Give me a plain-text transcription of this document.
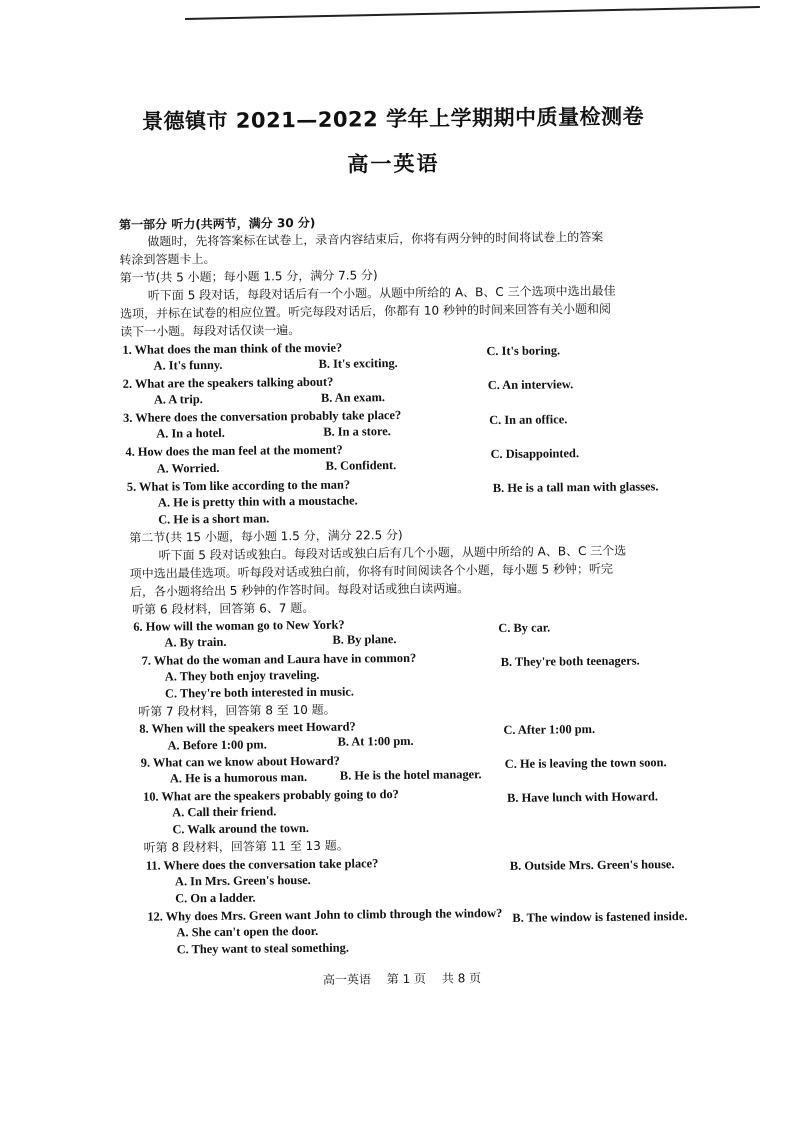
景德镇市 2021—2022 学年上学期期中质量检测卷
高一英语
第一部分 听力(共两节，满分 30 分)
做题时，先将答案标在试卷上，录音内容结束后，你将有两分钟的时间将试卷上的答案
转涂到答题卡上。
第一节(共 5 小题；每小题 1.5 分，满分 7.5 分)
听下面 5 段对话，每段对话后有一个小题。从题中所给的 A、B、C 三个选项中选出最佳
选项，并标在试卷的相应位置。听完每段对话后，你都有 10 秒钟的时间来回答有关小题和阅
读下一小题。每段对话仅读一遍。
1. What does the man think of the movie?
A. It's funny.	B. It's exciting.
C. It's boring.
2. What are the speakers talking about?
A. A trip.	B. An exam.
C. An interview.
3. Where does the conversation probably take place?
A. In a hotel.	B. In a store.
C. In an office.
4. How does the man feel at the moment?
A. Worried.	B. Confident.
C. Disappointed.
5. What is Tom like according to the man?
A. He is pretty thin with a moustache.
B. He is a tall man with glasses.
C. He is a short man.
第二节(共 15 小题，每小题 1.5 分，满分 22.5 分)
听下面 5 段对话或独白。每段对话或独白后有几个小题，从题中所给的 A、B、C 三个选
项中选出最佳选项。听每段对话或独白前，你将有时间阅读各个小题，每小题 5 秒钟；听完
后，各小题将给出 5 秒钟的作答时间。每段对话或独白读两遍。
听第 6 段材料，回答第 6、7 题。
6. How will the woman go to New York?
A. By train.	B. By plane.
C. By car.
7. What do the woman and Laura have in common?
A. They both enjoy traveling.
B. They're both teenagers.
C. They're both interested in music.
听第 7 段材料，回答第 8 至 10 题。
8. When will the speakers meet Howard?
A. Before 1:00 pm.	B. At 1:00 pm.
C. After 1:00 pm.
9. What can we know about Howard?
A. He is a humorous man.	B. He is the hotel manager.
C. He is leaving the town soon.
10. What are the speakers probably going to do?
A. Call their friend.
B. Have lunch with Howard.
C. Walk around the town.
听第 8 段材料，回答第 11 至 13 题。
11. Where does the conversation take place?
A. In Mrs. Green's house.
B. Outside Mrs. Green's house.
C. On a ladder.
12. Why does Mrs. Green want John to climb through the window?
A. She can't open the door.
B. The window is fastened inside.
C. They want to steal something.
高一英语 第 1 页 共 8 页
